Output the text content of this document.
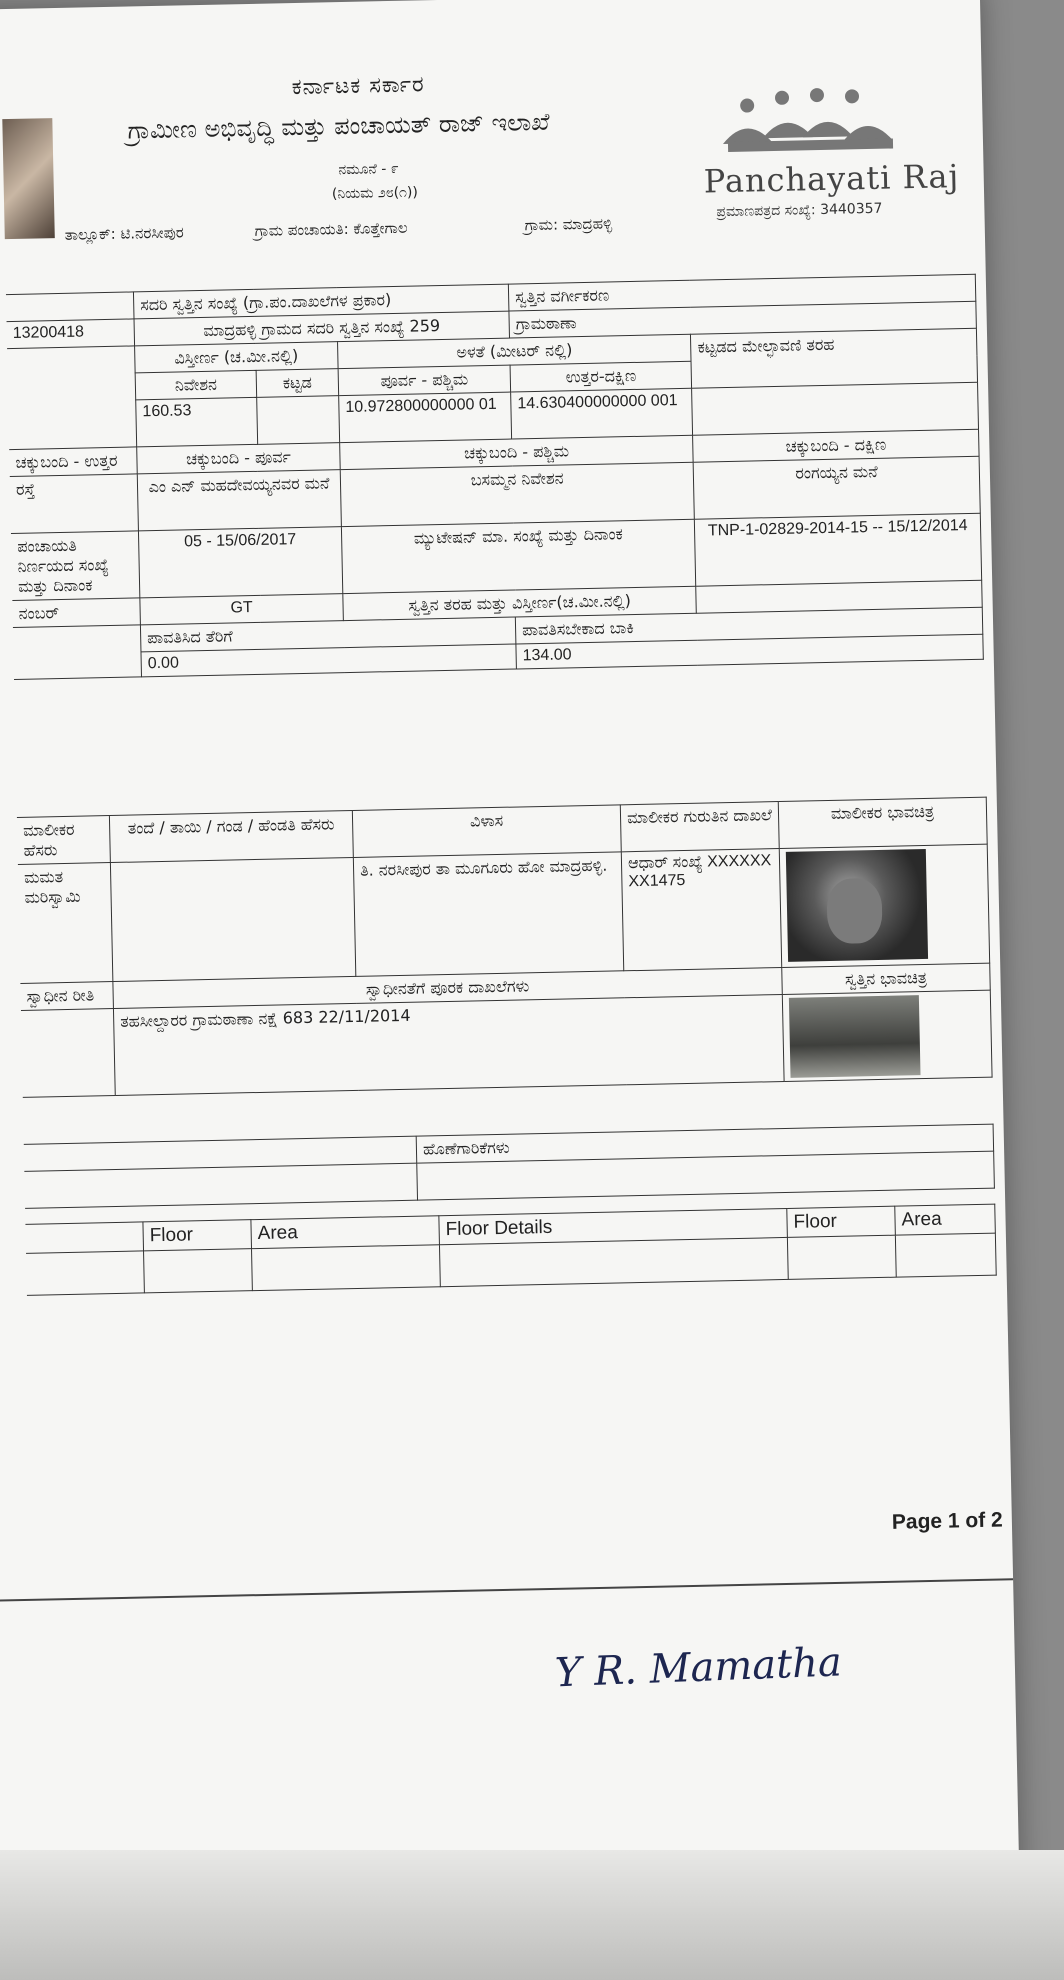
ಕರ್ನಾಟಕ ಸರ್ಕಾರ
ಗ್ರಾಮೀಣ ಅಭಿವೃದ್ಧಿ ಮತ್ತು ಪಂಚಾಯತ್ ರಾಜ್ ಇಲಾಖೆ
ನಮೂನೆ - ೯
(ನಿಯಮ ೨೮(೧))
ತಾಲ್ಲೂಕ್: ಟಿ.ನರಸೀಪುರ	ಗ್ರಾಮ ಪಂಚಾಯತಿ: ಕೊತ್ತೇಗಾಲ	ಗ್ರಾಮ: ಮಾದ್ರಹಳ್ಳಿ
Panchayati Raj
ಪ್ರಮಾಣಪತ್ರದ ಸಂಖ್ಯೆ: 3440357
	ಸದರಿ ಸ್ವತ್ತಿನ ಸಂಖ್ಯೆ (ಗ್ರಾ.ಪಂ.ದಾಖಲೆಗಳ ಪ್ರಕಾರ)			ಸ್ವತ್ತಿನ ವರ್ಗೀಕರಣ	
13200418	ಮಾದ್ರಹಳ್ಳಿ ಗ್ರಾಮದ ಸದರಿ ಸ್ವತ್ತಿನ ಸಂಖ್ಯೆ 259			ಗ್ರಾಮಠಾಣಾ	
	ವಿಸ್ತೀರ್ಣ (ಚ.ಮೀ.ನಲ್ಲಿ)		ಅಳತೆ (ಮೀಟರ್ ನಲ್ಲಿ)		ಕಟ್ಟಡದ ಮೇಲ್ಛಾವಣಿ ತರಹ
	ನಿವೇಶನ	ಕಟ್ಟಡ	ಪೂರ್ವ - ಪಶ್ಚಿಮ	ಉತ್ತರ-ದಕ್ಷಿಣ	
	160.53		10.972800000000 01	14.630400000000 001	
ಚಕ್ಕುಬಂದಿ - ಉತ್ತರ	ಚಕ್ಕುಬಂದಿ - ಪೂರ್ವ		ಚಕ್ಕುಬಂದಿ - ಪಶ್ಚಿಮ		ಚಕ್ಕುಬಂದಿ - ದಕ್ಷಿಣ
ರಸ್ತೆ	ಎಂ ಎನ್ ಮಹದೇವಯ್ಯನವರ ಮನೆ		ಬಸಮ್ಮನ ನಿವೇಶನ		ರಂಗಯ್ಯನ ಮನೆ
ಪಂಚಾಯತಿ ನಿರ್ಣಯದ ಸಂಖ್ಯೆ ಮತ್ತು ದಿನಾಂಕ	05 - 15/06/2017		ಮ್ಯುಟೇಷನ್ ಮಾ. ಸಂಖ್ಯೆ ಮತ್ತು ದಿನಾಂಕ		TNP-1-02829-2014-15 -- 15/12/2014
ನಂಬರ್	GT		ಸ್ವತ್ತಿನ ತರಹ ಮತ್ತು ವಿಸ್ತೀರ್ಣ(ಚ.ಮೀ.ನಲ್ಲಿ)		
	ಪಾವತಿಸಿದ ತೆರಿಗೆ			ಪಾವತಿಸಬೇಕಾದ ಬಾಕಿ	
	0.00			134.00	
ಮಾಲೀಕರ ಹೆಸರು	ತಂದೆ / ತಾಯಿ / ಗಂಡ / ಹೆಂಡತಿ ಹೆಸರು	ವಿಳಾಸ	ಮಾಲೀಕರ ಗುರುತಿನ ದಾಖಲೆ	ಮಾಲೀಕರ ಭಾವಚಿತ್ರ
ಮಮತ ಮರಿಸ್ವಾಮಿ		ತಿ. ನರಸೀಪುರ ತಾ ಮೂಗೂರು ಹೋ ಮಾದ್ರಹಳ್ಳಿ.	ಆಧಾರ್ ಸಂಖ್ಯೆ XXXXXXXX1475	

ಸ್ವಾಧೀನ ರೀತಿ	ಸ್ವಾಧೀನತೆಗೆ ಪೂರಕ ದಾಖಲೆಗಳು			ಸ್ವತ್ತಿನ ಭಾವಚಿತ್ರ
	ತಹಸೀಲ್ದಾರರ ಗ್ರಾಮಠಾಣಾ ನಕ್ಷೆ 683 22/11/2014			
	ಹೊಣೆಗಾರಿಕೆಗಳು

	Floor	Area	Floor Details	Floor	Area

Page 1 of 2
Y R. Mamatha
